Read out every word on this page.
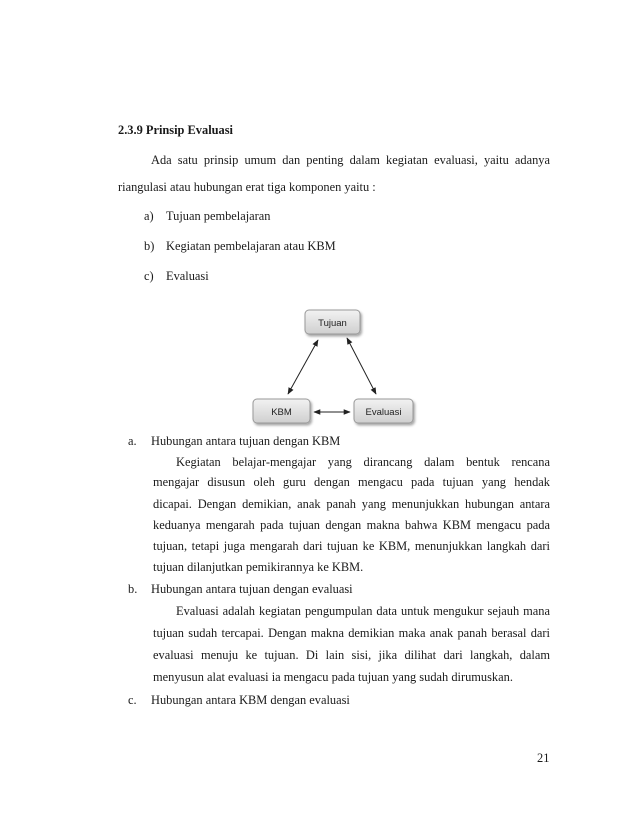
2.3.9 Prinsip Evaluasi
Ada satu prinsip umum dan penting dalam kegiatan evaluasi, yaitu adanya
riangulasi atau hubungan erat tiga komponen yaitu :
a) Tujuan pembelajaran
b) Kegiatan pembelajaran atau KBM
c) Evaluasi
Tujuan
KBM	Evaluasi
a. Hubungan antara tujuan dengan KBM
Kegiatan belajar-mengajar yang dirancang dalam bentuk rencana
mengajar disusun oleh guru dengan mengacu pada tujuan yang hendak
dicapai. Dengan demikian, anak panah yang menunjukkan hubungan antara
keduanya mengarah pada tujuan dengan makna bahwa KBM mengacu pada
tujuan, tetapi juga mengarah dari tujuan ke KBM, menunjukkan langkah dari
tujuan dilanjutkan pemikirannya ke KBM.
b. Hubungan antara tujuan dengan evaluasi
Evaluasi adalah kegiatan pengumpulan data untuk mengukur sejauh mana
tujuan sudah tercapai. Dengan makna demikian maka anak panah berasal dari
evaluasi menuju ke tujuan. Di lain sisi, jika dilihat dari langkah, dalam
menyusun alat evaluasi ia mengacu pada tujuan yang sudah dirumuskan.
c. Hubungan antara KBM dengan evaluasi
21
